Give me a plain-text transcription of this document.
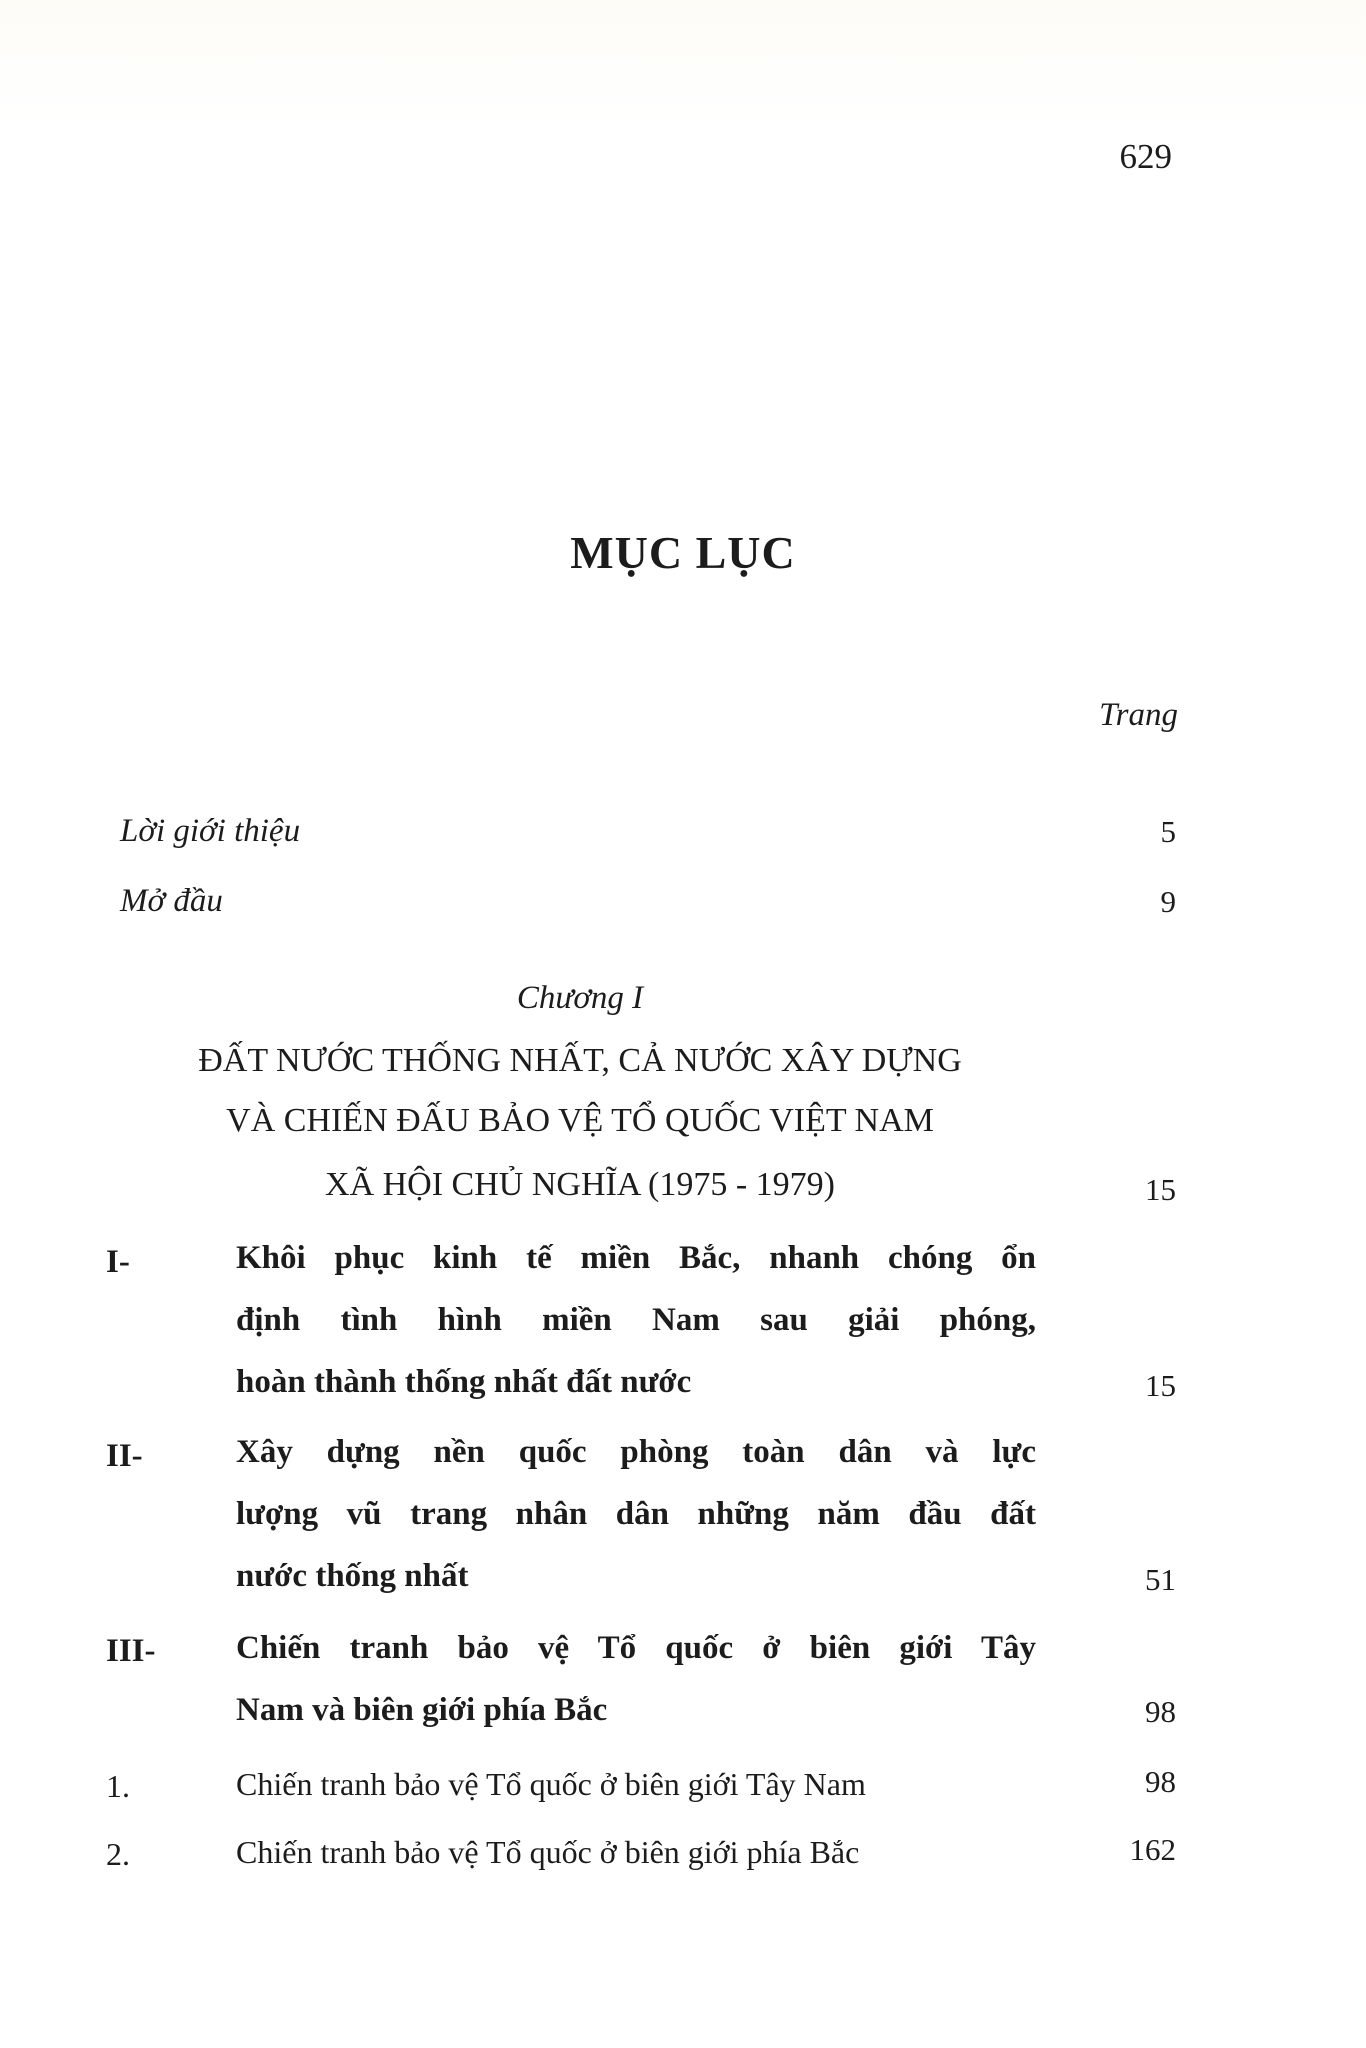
629
MỤC LỤC
Trang
Lời giới thiệu	5
Mở đầu	9
Chương I
ĐẤT NƯỚC THỐNG NHẤT, CẢ NƯỚC XÂY DỰNG
VÀ CHIẾN ĐẤU BẢO VỆ TỔ QUỐC VIỆT NAM
XÃ HỘI CHỦ NGHĨA (1975 - 1979)	15
I-	Khôi phục kinh tế miền Bắc, nhanh chóng ổn
định tình hình miền Nam sau giải phóng,
hoàn thành thống nhất đất nước	15
II-	Xây dựng nền quốc phòng toàn dân và lực
lượng vũ trang nhân dân những năm đầu đất
nước thống nhất	51
III- Chiến tranh bảo vệ Tổ quốc ở biên giới Tây
Nam và biên giới phía Bắc	98
1.	Chiến tranh bảo vệ Tổ quốc ở biên giới Tây Nam	98
2.	Chiến tranh bảo vệ Tổ quốc ở biên giới phía Bắc	162
